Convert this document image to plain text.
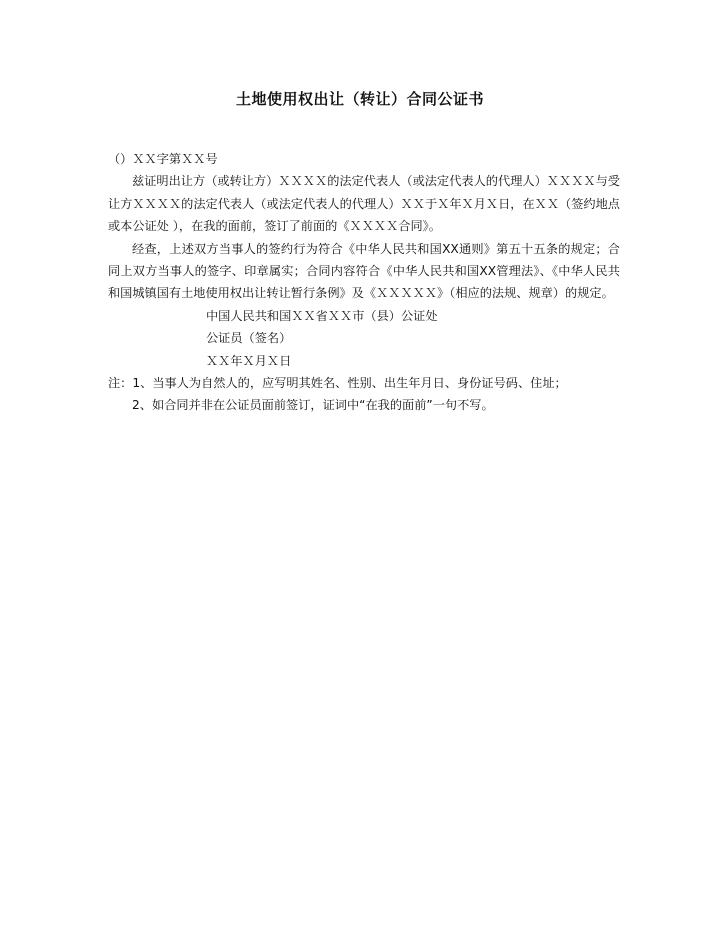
土地使用权出让（转让）合同公证书

（）ＸＸ字第ＸＸ号

兹证明出让方（或转让方）ＸＸＸＸ的法定代表人（或法定代表人的代理人）ＸＸＸＸ与受让方ＸＸＸＸ的法定代表人（或法定代表人的代理人）ＸＸ于Ｘ年Ｘ月Ｘ日，在ＸＸ（签约地点或本公证处 ），在我的面前，签订了前面的《ＸＸＸＸ合同》。

经查，上述双方当事人的签约行为符合《中华人民共和国XX通则》第五十五条的规定；合同上双方当事人的签字、印章属实；合同内容符合《中华人民共和国XX管理法》、《中华人民共和国城镇国有土地使用权出让转让暂行条例》及《ＸＸＸＸＸ》（相应的法规、规章）的规定。

中国人民共和国ＸＸ省ＸＸ市（县）公证处

公证员（签名）

ＸＸ年Ｘ月Ｘ日

注：1、当事人为自然人的，应写明其姓名、性别、出生年月日、身份证号码、住址；

2、如合同并非在公证员面前签订，证词中“在我的面前”一句不写。
